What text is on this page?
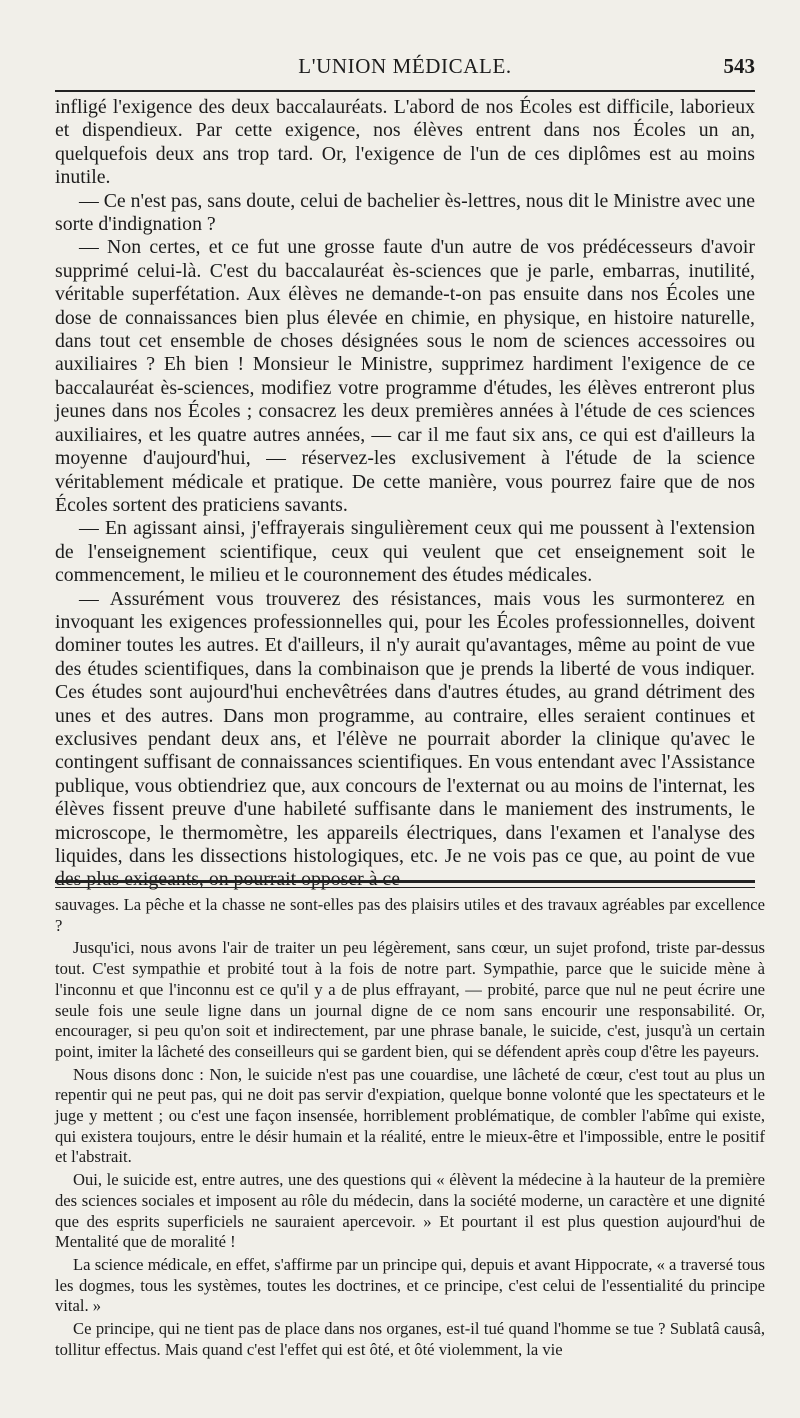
L'UNION MÉDICALE.	543

infligé l'exigence des deux baccalauréats. L'abord de nos Écoles est difficile, laborieux et dispendieux. Par cette exigence, nos élèves entrent dans nos Écoles un an, quelquefois deux ans trop tard. Or, l'exigence de l'un de ces diplômes est au moins inutile.

— Ce n'est pas, sans doute, celui de bachelier ès-lettres, nous dit le Ministre avec une sorte d'indignation ?

— Non certes, et ce fut une grosse faute d'un autre de vos prédécesseurs d'avoir supprimé celui-là. C'est du baccalauréat ès-sciences que je parle, embarras, inutilité, véritable superfétation. Aux élèves ne demande-t-on pas ensuite dans nos Écoles une dose de connaissances bien plus élevée en chimie, en physique, en histoire naturelle, dans tout cet ensemble de choses désignées sous le nom de sciences accessoires ou auxiliaires ? Eh bien ! Monsieur le Ministre, supprimez hardiment l'exigence de ce baccalauréat ès-sciences, modifiez votre programme d'études, les élèves entreront plus jeunes dans nos Écoles ; consacrez les deux premières années à l'étude de ces sciences auxiliaires, et les quatre autres années, — car il me faut six ans, ce qui est d'ailleurs la moyenne d'aujourd'hui, — réservez-les exclusivement à l'étude de la science véritablement médicale et pratique. De cette manière, vous pourrez faire que de nos Écoles sortent des praticiens savants.

— En agissant ainsi, j'effrayerais singulièrement ceux qui me poussent à l'extension de l'enseignement scientifique, ceux qui veulent que cet enseignement soit le commencement, le milieu et le couronnement des études médicales.

— Assurément vous trouverez des résistances, mais vous les surmonterez en invoquant les exigences professionnelles qui, pour les Écoles professionnelles, doivent dominer toutes les autres. Et d'ailleurs, il n'y aurait qu'avantages, même au point de vue des études scientifiques, dans la combinaison que je prends la liberté de vous indiquer. Ces études sont aujourd'hui enchevêtrées dans d'autres études, au grand détriment des unes et des autres. Dans mon programme, au contraire, elles seraient continues et exclusives pendant deux ans, et l'élève ne pourrait aborder la clinique qu'avec le contingent suffisant de connaissances scientifiques. En vous entendant avec l'Assistance publique, vous obtiendriez que, aux concours de l'externat ou au moins de l'internat, les élèves fissent preuve d'une habileté suffisante dans le maniement des instruments, le microscope, le thermomètre, les appareils électriques, dans l'examen et l'analyse des liquides, dans les dissections histologiques, etc. Je ne vois pas ce que, au point de vue des plus exigeants, on pourrait opposer à ce

sauvages. La pêche et la chasse ne sont-elles pas des plaisirs utiles et des travaux agréables par excellence ?

Jusqu'ici, nous avons l'air de traiter un peu légèrement, sans cœur, un sujet profond, triste par-dessus tout. C'est sympathie et probité tout à la fois de notre part. Sympathie, parce que le suicide mène à l'inconnu et que l'inconnu est ce qu'il y a de plus effrayant, — probité, parce que nul ne peut écrire une seule fois une seule ligne dans un journal digne de ce nom sans encourir une responsabilité. Or, encourager, si peu qu'on soit et indirectement, par une phrase banale, le suicide, c'est, jusqu'à un certain point, imiter la lâcheté des conseilleurs qui se gardent bien, qui se défendent après coup d'être les payeurs.

Nous disons donc : Non, le suicide n'est pas une couardise, une lâcheté de cœur, c'est tout au plus un repentir qui ne peut pas, qui ne doit pas servir d'expiation, quelque bonne volonté que les spectateurs et le juge y mettent ; ou c'est une façon insensée, horriblement problématique, de combler l'abîme qui existe, qui existera toujours, entre le désir humain et la réalité, entre le mieux-être et l'impossible, entre le positif et l'abstrait.

Oui, le suicide est, entre autres, une des questions qui « élèvent la médecine à la hauteur de la première des sciences sociales et imposent au rôle du médecin, dans la société moderne, un caractère et une dignité que des esprits superficiels ne sauraient apercevoir. » Et pourtant il est plus question aujourd'hui de Mentalité que de moralité !

La science médicale, en effet, s'affirme par un principe qui, depuis et avant Hippocrate, « a traversé tous les dogmes, tous les systèmes, toutes les doctrines, et ce principe, c'est celui de l'essentialité du principe vital. »

Ce principe, qui ne tient pas de place dans nos organes, est-il tué quand l'homme se tue ? Sublatâ causâ, tollitur effectus. Mais quand c'est l'effet qui est ôté, et ôté violemment, la vie
